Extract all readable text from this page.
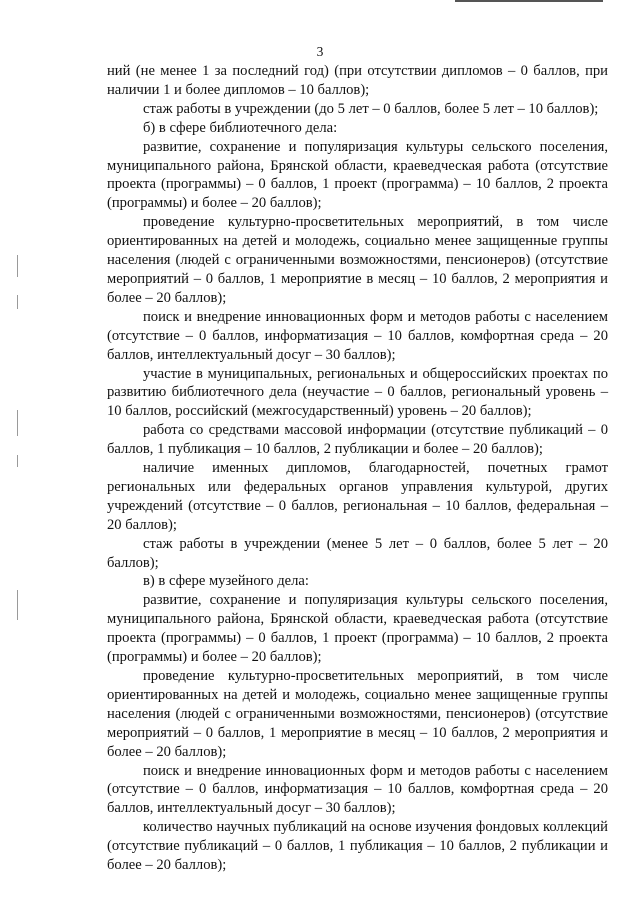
3

ний (не менее 1 за последний год) (при отсутствии дипломов – 0 баллов, при наличии 1 и более дипломов – 10 баллов);

стаж работы в учреждении (до 5 лет – 0 баллов, более 5 лет – 10 баллов);

б) в сфере библиотечного дела:

развитие, сохранение и популяризация культуры сельского поселения, муниципального района, Брянской области, краеведческая работа (отсутствие проекта (программы) – 0 баллов, 1 проект (программа) – 10 баллов, 2 проекта (программы) и более – 20 баллов);

проведение культурно-просветительных мероприятий, в том числе ориентированных на детей и молодежь, социально менее защищенные группы населения (людей с ограниченными возможностями, пенсионеров) (отсутствие мероприятий – 0 баллов, 1 мероприятие в месяц – 10 баллов, 2 мероприятия и более – 20 баллов);

поиск и внедрение инновационных форм и методов работы с населением (отсутствие – 0 баллов, информатизация – 10 баллов, комфортная среда – 20 баллов, интеллектуальный досуг – 30 баллов);

участие в муниципальных, региональных и общероссийских проектах по развитию библиотечного дела (неучастие – 0 баллов, региональный уровень – 10 баллов, российский (межгосударственный) уровень – 20 баллов);

работа со средствами массовой информации (отсутствие публикаций – 0 баллов, 1 публикация – 10 баллов, 2 публикации и более – 20 баллов);

наличие именных дипломов, благодарностей, почетных грамот региональных или федеральных органов управления культурой, других учреждений (отсутствие – 0 баллов, региональная – 10 баллов, федеральная – 20 баллов);

стаж работы в учреждении (менее 5 лет – 0 баллов, более 5 лет – 20 баллов);

в) в сфере музейного дела:

развитие, сохранение и популяризация культуры сельского поселения, муниципального района, Брянской области, краеведческая работа (отсутствие проекта (программы) – 0 баллов, 1 проект (программа) – 10 баллов, 2 проекта (программы) и более – 20 баллов);

проведение культурно-просветительных мероприятий, в том числе ориентированных на детей и молодежь, социально менее защищенные группы населения (людей с ограниченными возможностями, пенсионеров) (отсутствие мероприятий – 0 баллов, 1 мероприятие в месяц – 10 баллов, 2 мероприятия и более – 20 баллов);

поиск и внедрение инновационных форм и методов работы с населением (отсутствие – 0 баллов, информатизация – 10 баллов, комфортная среда – 20 баллов, интеллектуальный досуг – 30 баллов);

количество научных публикаций на основе изучения фондовых коллекций (отсутствие публикаций – 0 баллов, 1 публикация – 10 баллов, 2 публикации и более – 20 баллов);
